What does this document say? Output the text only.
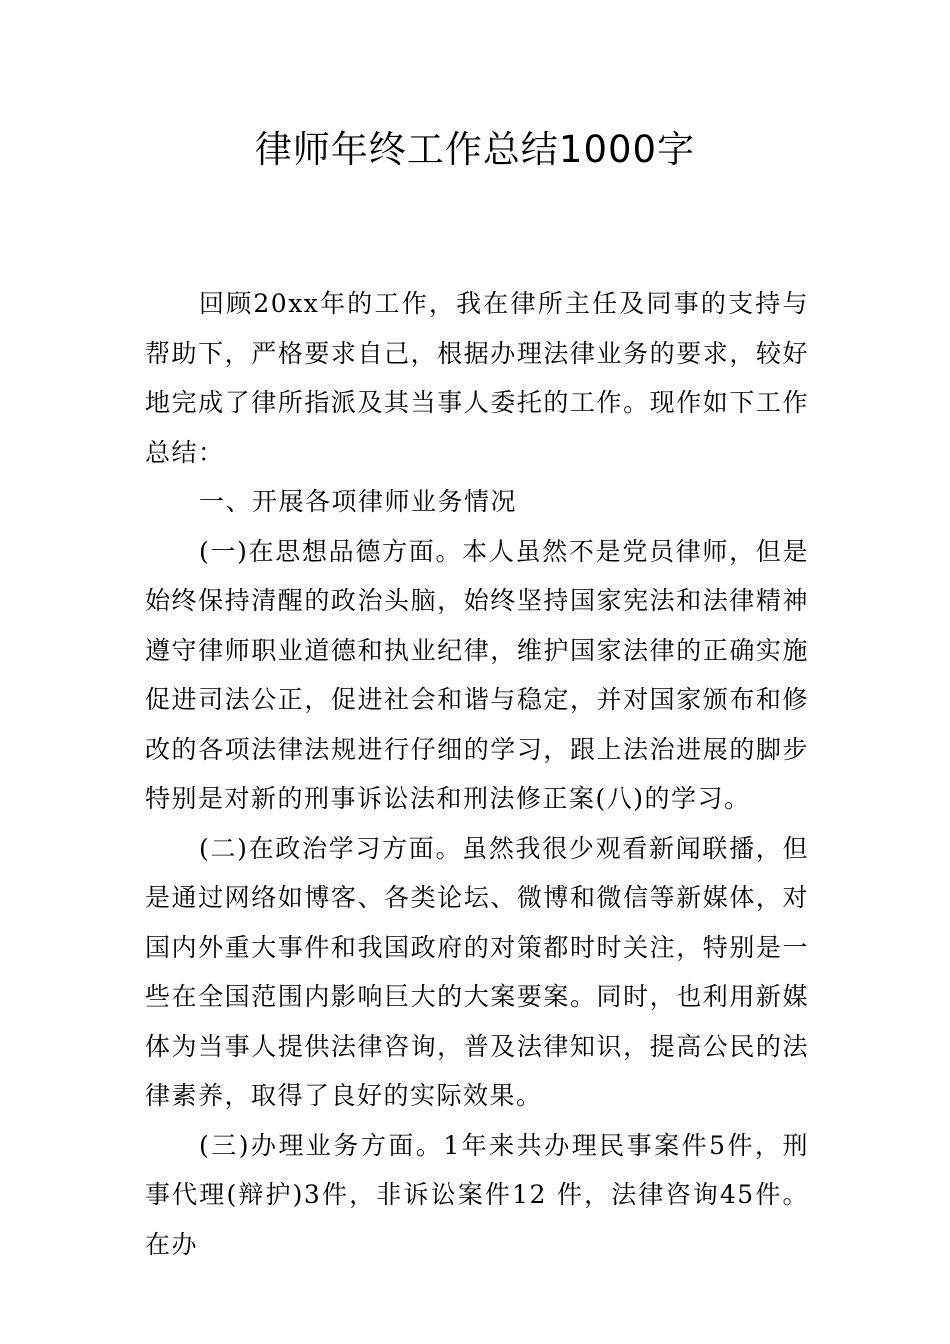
律师年终工作总结1000字

回顾20xx年的工作，我在律所主任及同事的支持与帮助下，严格要求自己，根据办理法律业务的要求，较好地完成了律所指派及其当事人委托的工作。现作如下工作总结：

一、开展各项律师业务情况

(一)在思想品德方面。本人虽然不是党员律师，但是始终保持清醒的政治头脑，始终坚持国家宪法和法律精神遵守律师职业道德和执业纪律，维护国家法律的正确实施促进司法公正，促进社会和谐与稳定，并对国家颁布和修改的各项法律法规进行仔细的学习，跟上法治进展的脚步特别是对新的刑事诉讼法和刑法修正案(八)的学习。

(二)在政治学习方面。虽然我很少观看新闻联播，但是通过网络如博客、各类论坛、微博和微信等新媒体，对国内外重大事件和我国政府的对策都时时关注，特别是一些在全国范围内影响巨大的大案要案。同时，也利用新媒体为当事人提供法律咨询，普及法律知识，提高公民的法律素养，取得了良好的实际效果。

(三)办理业务方面。1年来共办理民事案件5件，刑事代理(辩护)3件，非诉讼案件12 件，法律咨询45件。在办
